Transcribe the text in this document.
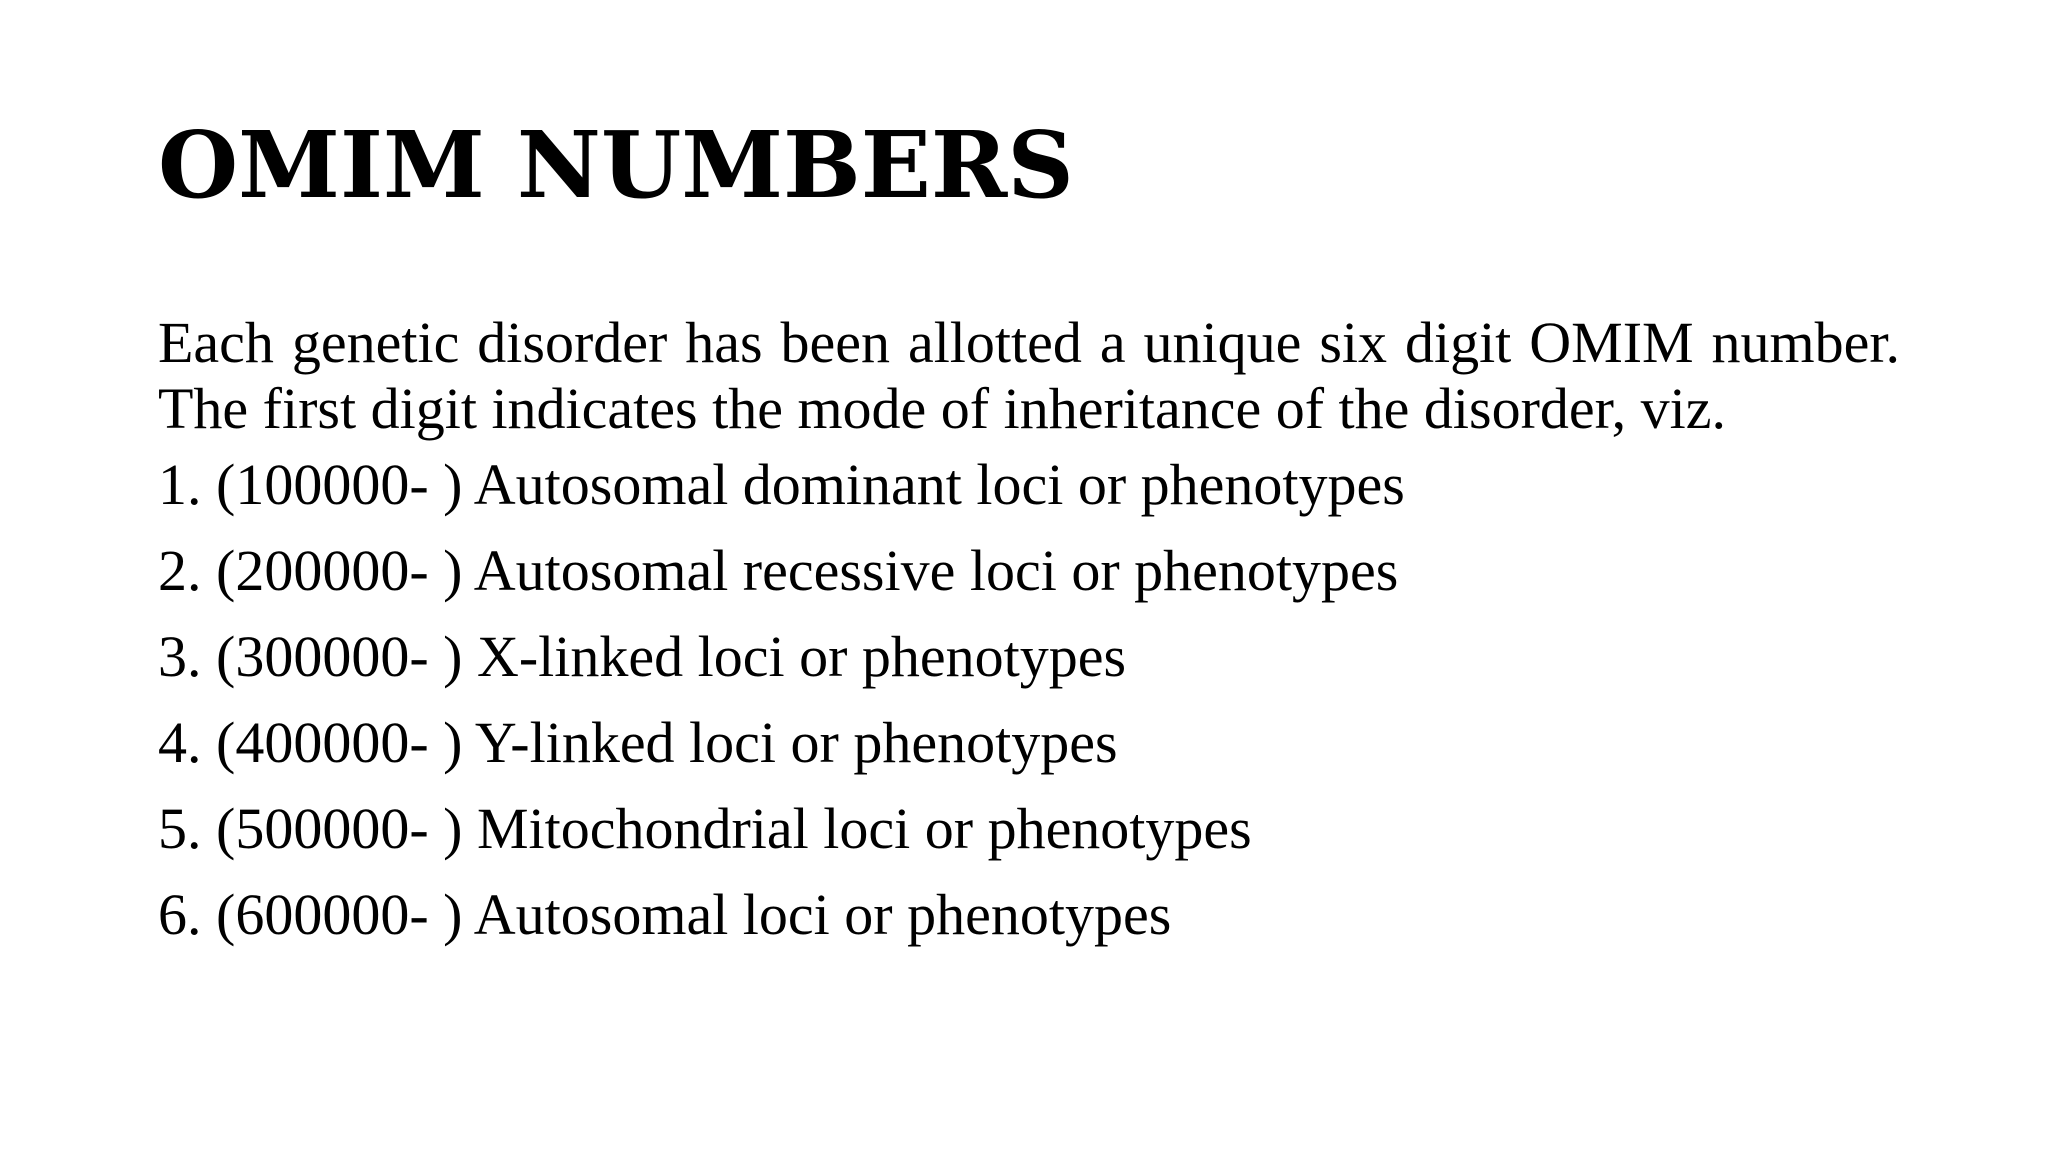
OMIM NUMBERS

Each genetic disorder has been allotted a unique six digit OMIM number. The first digit indicates the mode of inheritance of the disorder, viz.

1. (100000- ) Autosomal dominant loci or phenotypes
2. (200000- ) Autosomal recessive loci or phenotypes
3. (300000- ) X-linked loci or phenotypes
4. (400000- ) Y-linked loci or phenotypes
5. (500000- ) Mitochondrial loci or phenotypes
6. (600000- ) Autosomal loci or phenotypes
